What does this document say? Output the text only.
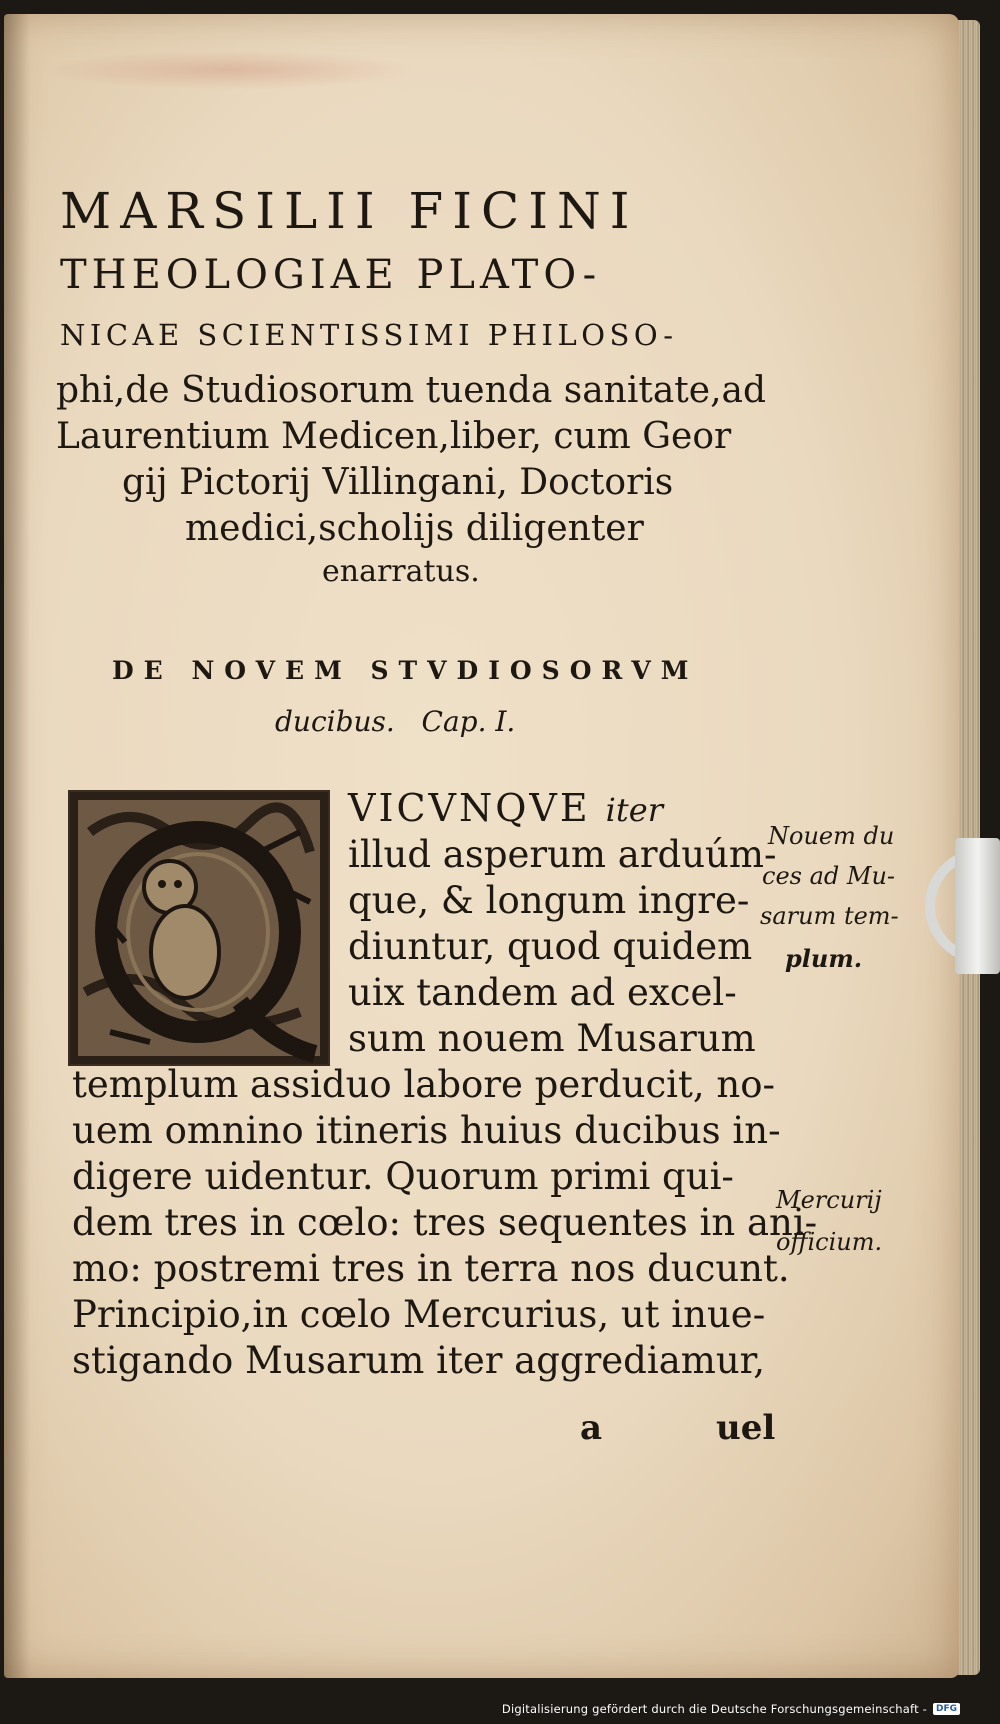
MARSILII FICINI
THEOLOGIAE PLATO-
NICAE SCIENTISSIMI PHILOSO-
phi,de Studiosorum tuenda sanitate,ad
Laurentium Medicen,liber, cum Geor
gij Pictorij Villingani, Doctoris
medici,scholijs diligenter
enarratus.
DE NOVEM STVDIOSORVM
ducibus.   Cap. I.
VICVNQVE iter
illud asperum arduúm-
que, & longum ingre-
diuntur, quod quidem
uix tandem ad excel-
sum nouem Musarum
templum assiduo labore perducit, no-
uem omnino itineris huius ducibus in-
digere uidentur. Quorum primi qui-
dem tres in cœlo: tres sequentes in ani-
mo: postremi tres in terra nos ducunt.
Principio,in cœlo Mercurius, ut inue-
stigando Musarum iter aggrediamur,
a	uel
Nouem du
ces ad Mu-
sarum tem-
plum.
Mercurij
officium.
Digitalisierung gefördert durch die Deutsche Forschungsgemeinschaft -	DFG
